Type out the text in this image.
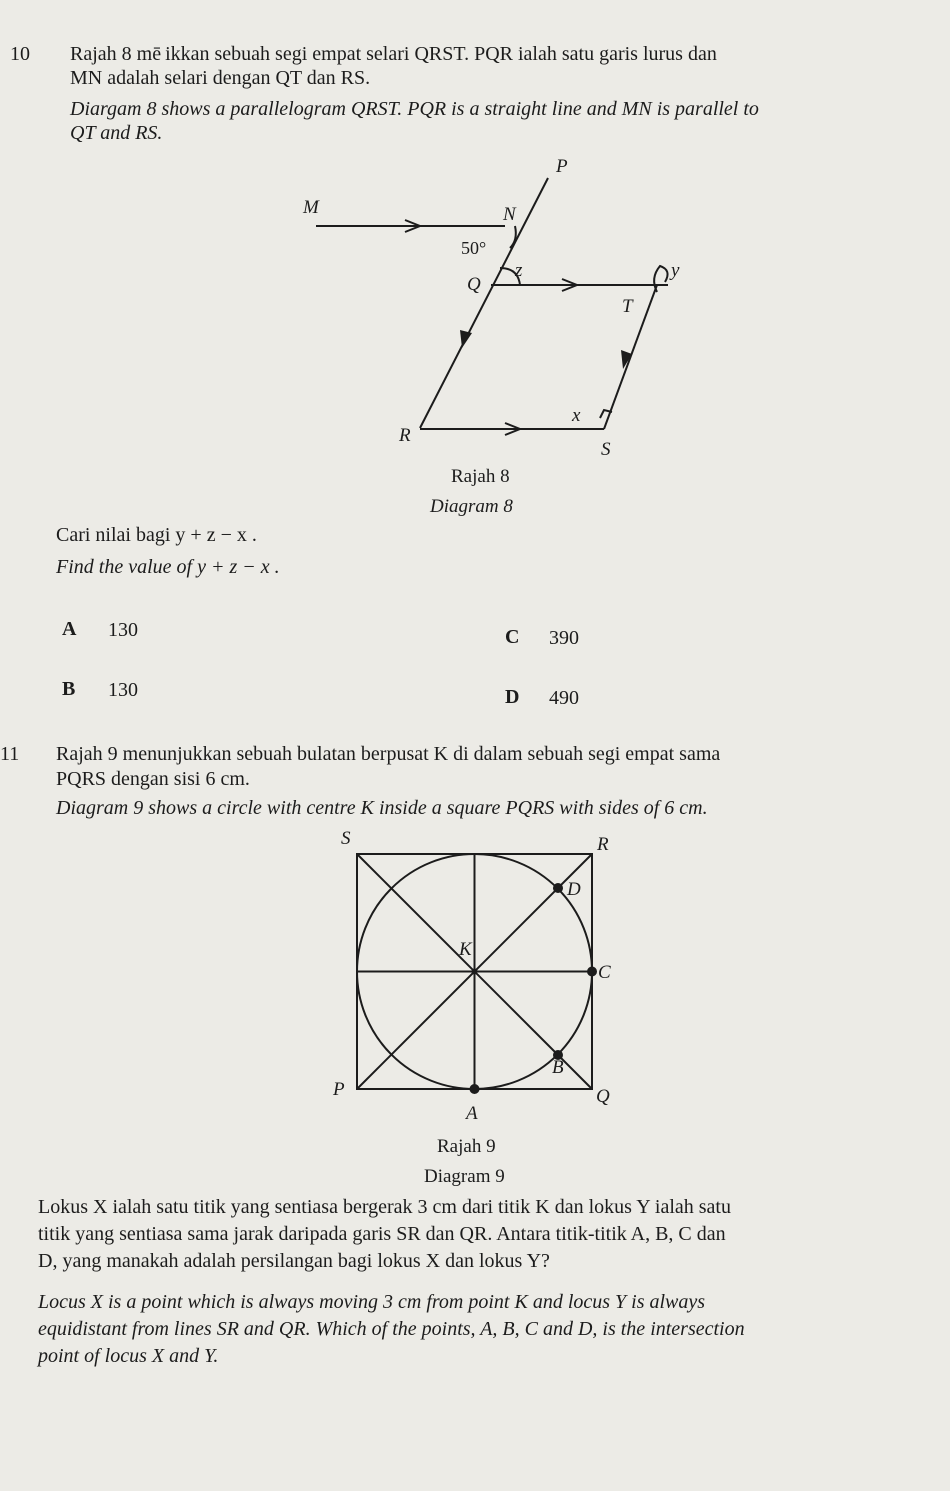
10 Rajah 8 mē ikkan sebuah segi empat selari QRST. PQR ialah satu garis lurus dan
MN adalah selari dengan QT dan RS.
Diargam 8 shows a parallelogram QRST. PQR is a straight line and MN is parallel to
QT and RS.
P
M	N
Q
T
R
S
x
y
z
50°
Rajah 8
Diagram 8
Cari nilai bagi y + z − x .
Find the value of y + z − x .
A 130
B 130
C 390
D 490
11 Rajah 9 menunjukkan sebuah bulatan berpusat K di dalam sebuah segi empat sama
PQRS dengan sisi 6 cm.
Diagram 9 shows a circle with centre K inside a square PQRS with sides of 6 cm.
S	R
P	Q
K
A
B
C
D
Rajah 9
Diagram 9
Lokus X ialah satu titik yang sentiasa bergerak 3 cm dari titik K dan lokus Y ialah satu
titik yang sentiasa sama jarak daripada garis SR dan QR. Antara titik-titik A, B, C dan
D, yang manakah adalah persilangan bagi lokus X dan lokus Y?
Locus X is a point which is always moving 3 cm from point K and locus Y is always
equidistant from lines SR and QR. Which of the points, A, B, C and D, is the intersection
point of locus X and Y.
